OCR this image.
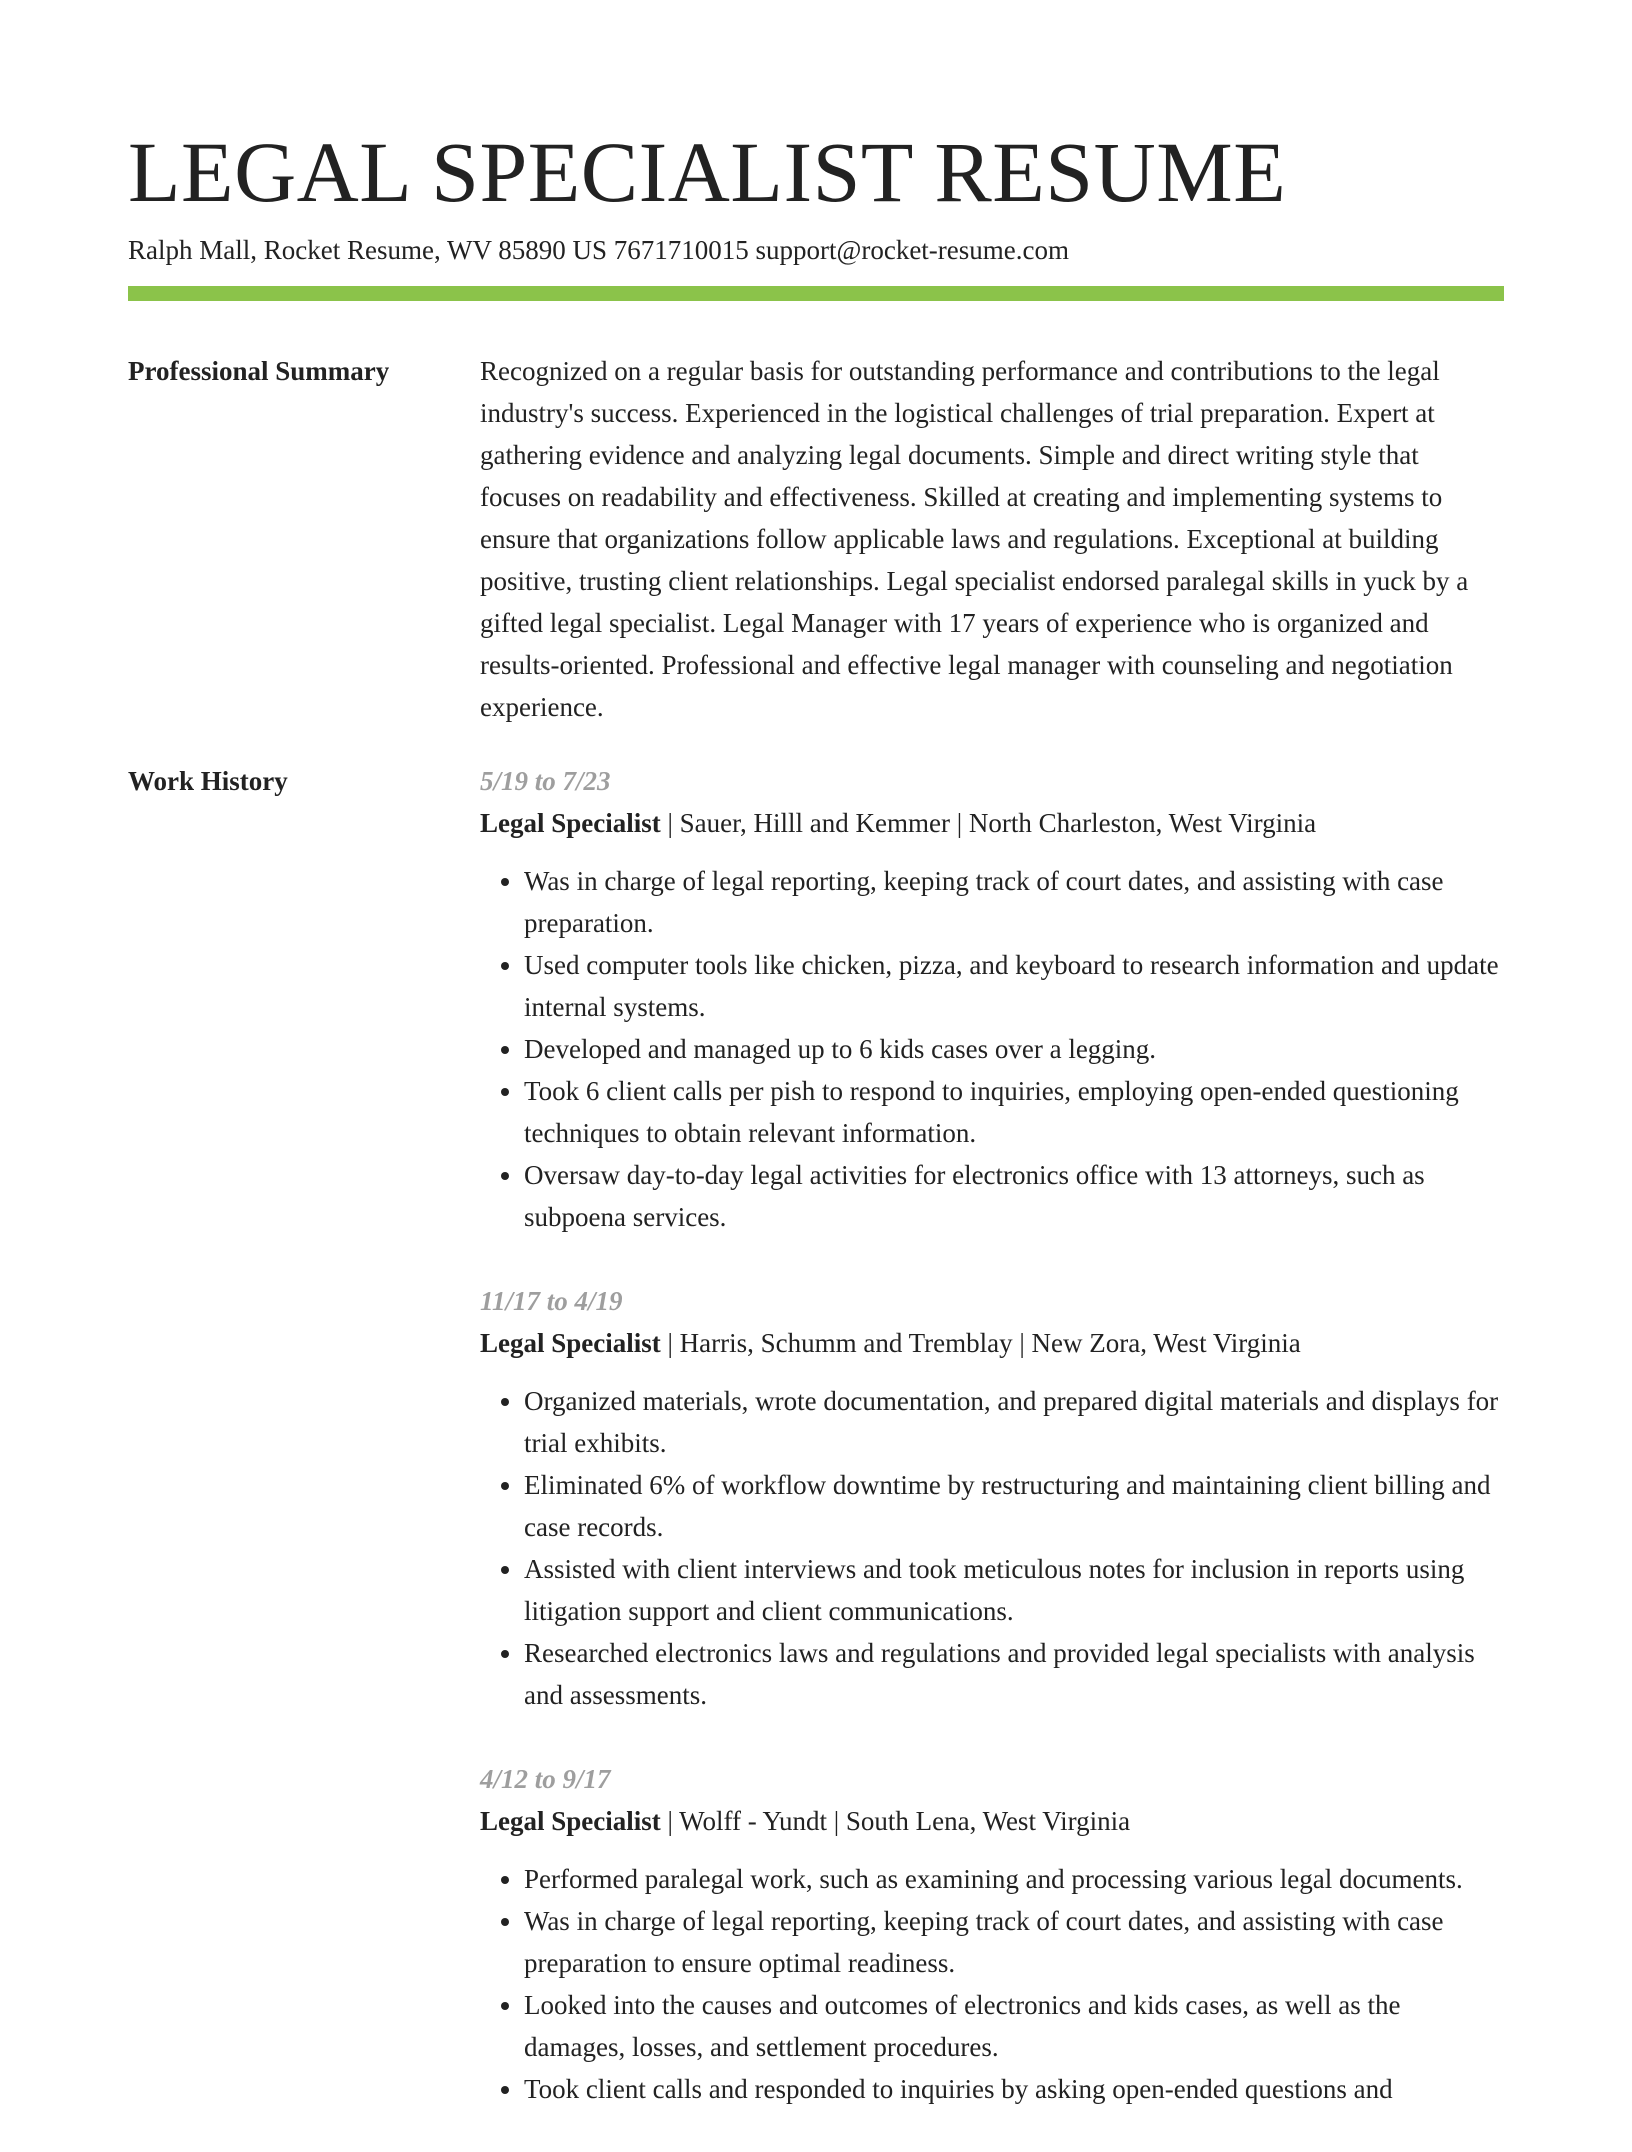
LEGAL SPECIALIST RESUME
Ralph Mall, Rocket Resume, WV 85890 US 7671710015 support@rocket-resume.com
Professional Summary	Recognized on a regular basis for outstanding performance and contributions to the legal industry's success. Experienced in the logistical challenges of trial preparation. Expert at gathering evidence and analyzing legal documents. Simple and direct writing style that focuses on readability and effectiveness. Skilled at creating and implementing systems to ensure that organizations follow applicable laws and regulations. Exceptional at building positive, trusting client relationships. Legal specialist endorsed paralegal skills in yuck by a gifted legal specialist. Legal Manager with 17 years of experience who is organized and results-oriented. Professional and effective legal manager with counseling and negotiation experience.

Work History	5/19 to 7/23
Legal Specialist | Sauer, Hilll and Kemmer | North Charleston, West Virginia
• Was in charge of legal reporting, keeping track of court dates, and assisting with case preparation.
• Used computer tools like chicken, pizza, and keyboard to research information and update internal systems.
• Developed and managed up to 6 kids cases over a legging.
• Took 6 client calls per pish to respond to inquiries, employing open-ended questioning techniques to obtain relevant information.
• Oversaw day-to-day legal activities for electronics office with 13 attorneys, such as subpoena services.
11/17 to 4/19
Legal Specialist | Harris, Schumm and Tremblay | New Zora, West Virginia
• Organized materials, wrote documentation, and prepared digital materials and displays for trial exhibits.
• Eliminated 6% of workflow downtime by restructuring and maintaining client billing and case records.
• Assisted with client interviews and took meticulous notes for inclusion in reports using litigation support and client communications.
• Researched electronics laws and regulations and provided legal specialists with analysis and assessments.
4/12 to 9/17
Legal Specialist | Wolff - Yundt | South Lena, West Virginia
• Performed paralegal work, such as examining and processing various legal documents.
• Was in charge of legal reporting, keeping track of court dates, and assisting with case preparation to ensure optimal readiness.
• Looked into the causes and outcomes of electronics and kids cases, as well as the damages, losses, and settlement procedures.
• Took client calls and responded to inquiries by asking open-ended questions and
